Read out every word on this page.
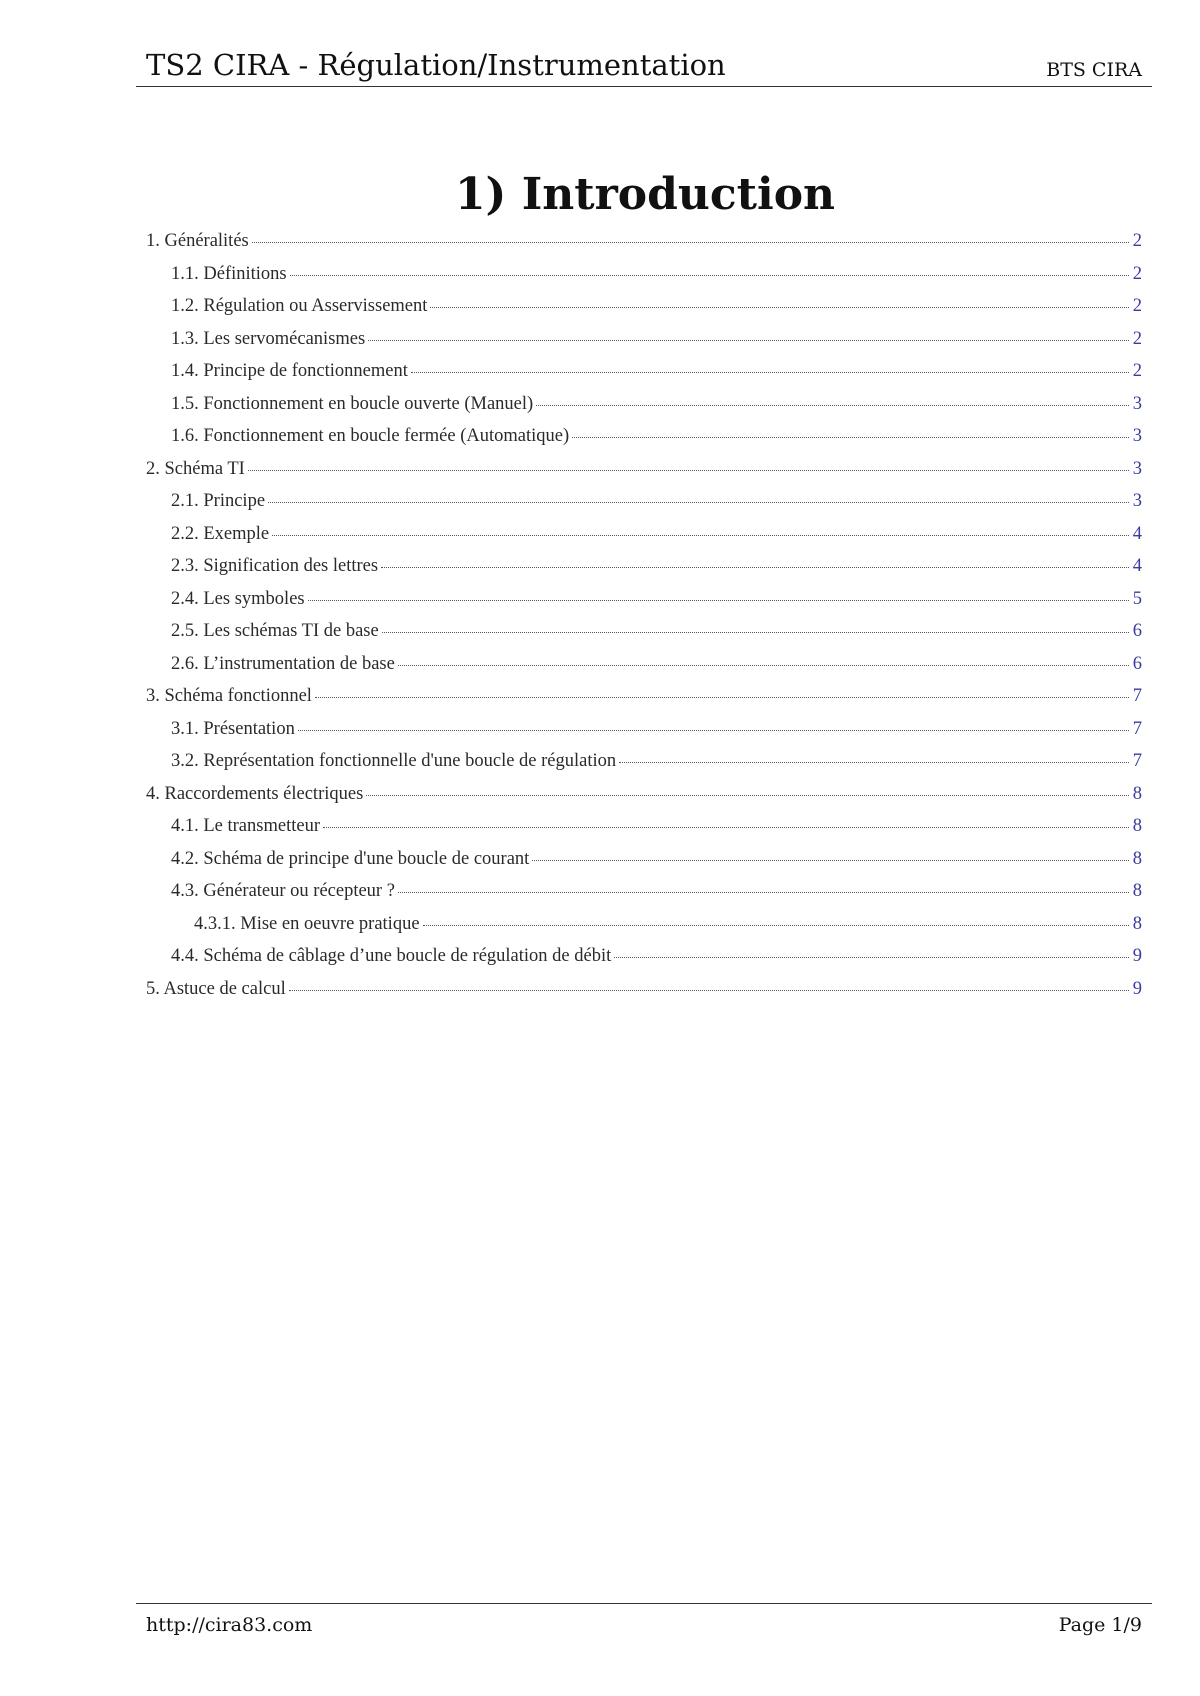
TS2 CIRA - Régulation/Instrumentation	BTS CIRA
1) Introduction
1. Généralités	2
1.1. Définitions	2
1.2. Régulation ou Asservissement	2
1.3. Les servomécanismes	2
1.4. Principe de fonctionnement	2
1.5. Fonctionnement en boucle ouverte (Manuel)	3
1.6. Fonctionnement en boucle fermée (Automatique)	3
2. Schéma TI	3
2.1. Principe	3
2.2. Exemple	4
2.3. Signification des lettres	4
2.4. Les symboles	5
2.5. Les schémas TI de base	6
2.6. L’instrumentation de base	6
3. Schéma fonctionnel	7
3.1. Présentation	7
3.2. Représentation fonctionnelle d'une boucle de régulation	7
4. Raccordements électriques	8
4.1. Le transmetteur	8
4.2. Schéma de principe d'une boucle de courant	8
4.3. Générateur ou récepteur ?	8
4.3.1. Mise en oeuvre pratique	8
4.4. Schéma de câblage d’une boucle de régulation de débit	9
5. Astuce de calcul	9
http://cira83.com	Page 1/9
